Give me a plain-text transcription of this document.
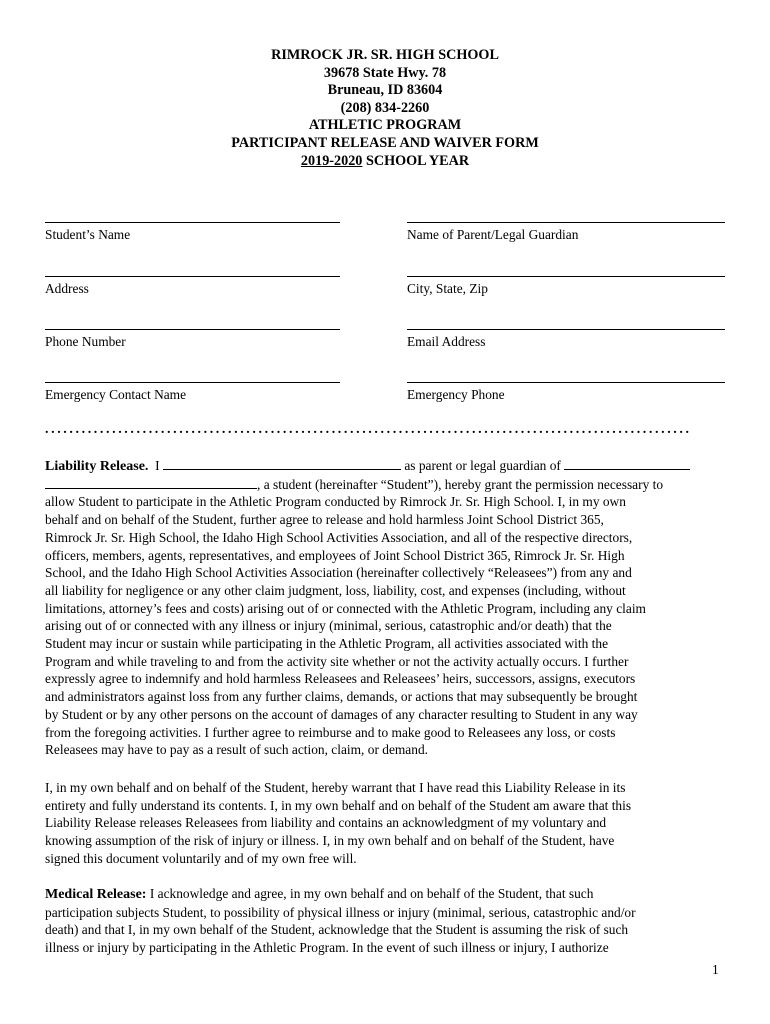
RIMROCK JR. SR. HIGH SCHOOL
39678 State Hwy. 78
Bruneau, ID 83604
(208) 834-2260
ATHLETIC PROGRAM
PARTICIPANT RELEASE AND WAIVER FORM
2019-2020 SCHOOL YEAR
Student’s Name	Name of Parent/Legal Guardian
Address	City, State, Zip
Phone Number	Email Address
Emergency Contact Name	Emergency Phone
..........................................................................................................
Liability Release. I	as parent or legal guardian of
, a student (hereinafter “Student”), hereby grant the permission necessary to
allow Student to participate in the Athletic Program conducted by Rimrock Jr. Sr. High School. I, in my own
behalf and on behalf of the Student, further agree to release and hold harmless Joint School District 365,
Rimrock Jr. Sr. High School, the Idaho High School Activities Association, and all of the respective directors,
officers, members, agents, representatives, and employees of Joint School District 365, Rimrock Jr. Sr. High
School, and the Idaho High School Activities Association (hereinafter collectively “Releasees”) from any and
all liability for negligence or any other claim judgment, loss, liability, cost, and expenses (including, without
limitations, attorney’s fees and costs) arising out of or connected with the Athletic Program, including any claim
arising out of or connected with any illness or injury (minimal, serious, catastrophic and/or death) that the
Student may incur or sustain while participating in the Athletic Program, all activities associated with the
Program and while traveling to and from the activity site whether or not the activity actually occurs. I further
expressly agree to indemnify and hold harmless Releasees and Releasees’ heirs, successors, assigns, executors
and administrators against loss from any further claims, demands, or actions that may subsequently be brought
by Student or by any other persons on the account of damages of any character resulting to Student in any way
from the foregoing activities. I further agree to reimburse and to make good to Releasees any loss, or costs
Releasees may have to pay as a result of such action, claim, or demand.
I, in my own behalf and on behalf of the Student, hereby warrant that I have read this Liability Release in its
entirety and fully understand its contents. I, in my own behalf and on behalf of the Student am aware that this
Liability Release releases Releasees from liability and contains an acknowledgment of my voluntary and
knowing assumption of the risk of injury or illness. I, in my own behalf and on behalf of the Student, have
signed this document voluntarily and of my own free will.
Medical Release: I acknowledge and agree, in my own behalf and on behalf of the Student, that such
participation subjects Student, to possibility of physical illness or injury (minimal, serious, catastrophic and/or
death) and that I, in my own behalf of the Student, acknowledge that the Student is assuming the risk of such
illness or injury by participating in the Athletic Program. In the event of such illness or injury, I authorize
1
